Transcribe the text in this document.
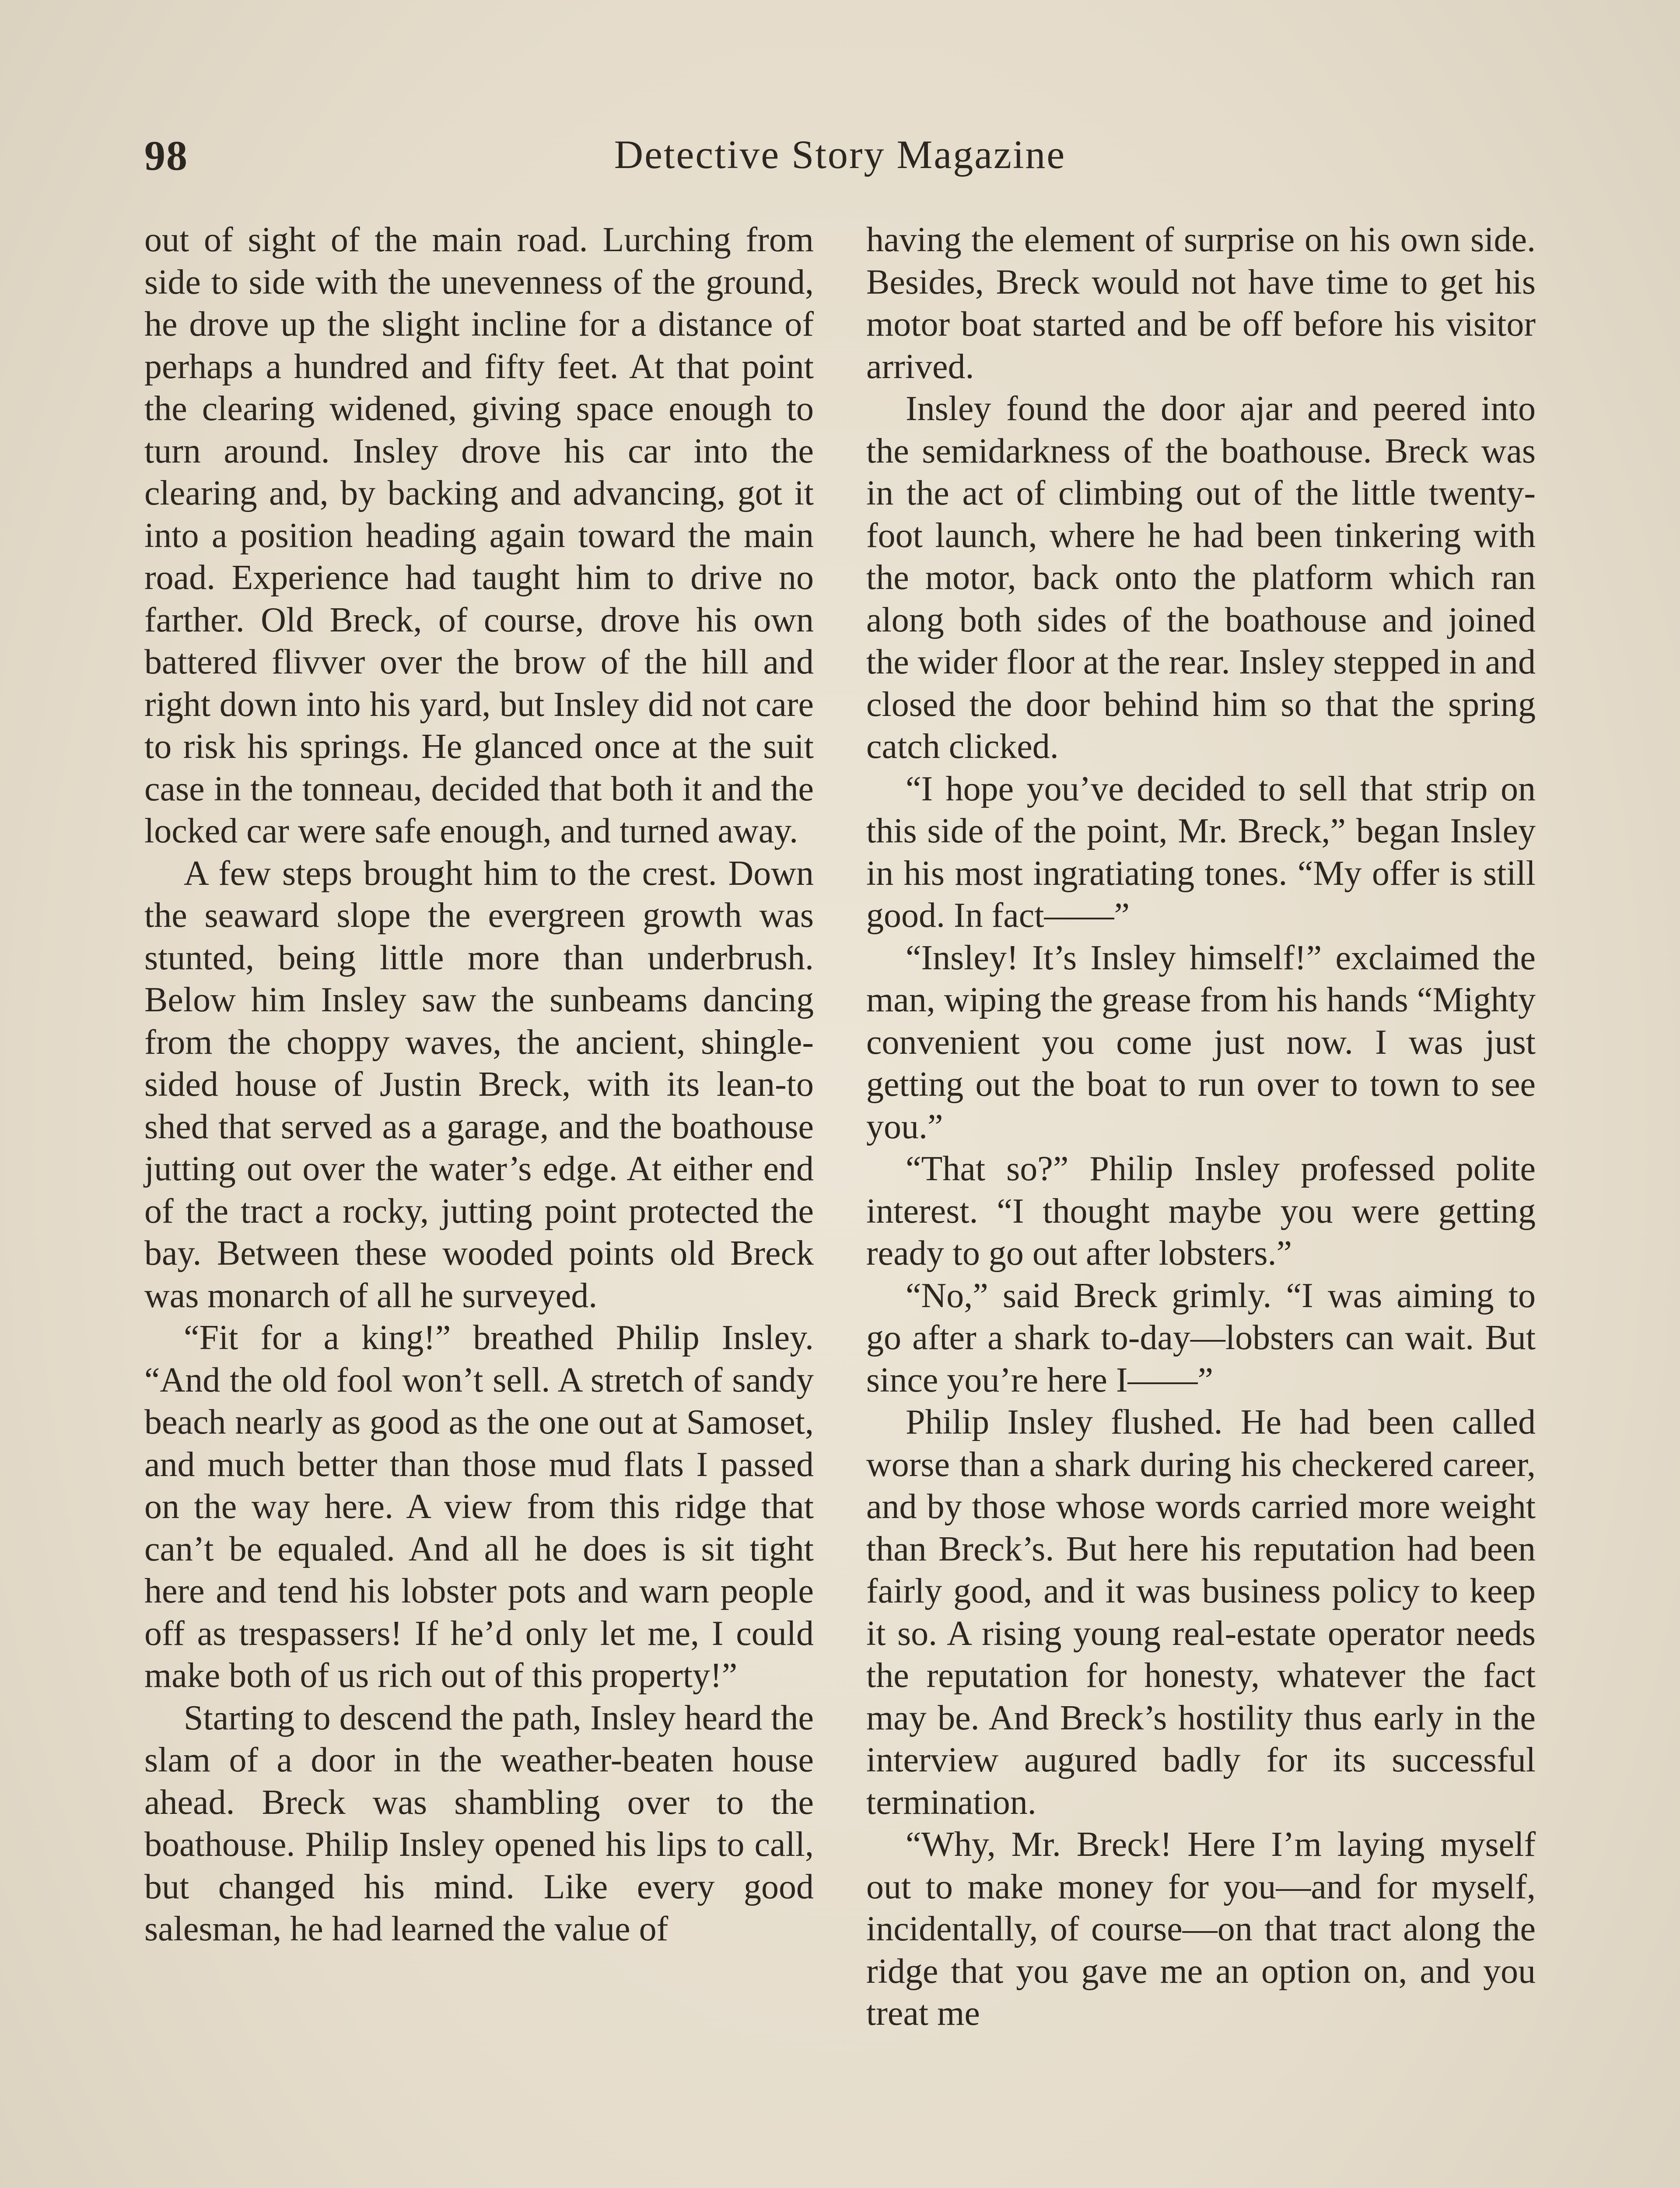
98	Detective Story Magazine

out of sight of the main road. Lurching from side to side with the unevenness of the ground, he drove up the slight incline for a distance of perhaps a hundred and fifty feet. At that point the clearing widened, giving space enough to turn around. Insley drove his car into the clearing and, by backing and advancing, got it into a position heading again toward the main road. Experience had taught him to drive no farther. Old Breck, of course, drove his own battered flivver over the brow of the hill and right down into his yard, but Insley did not care to risk his springs. He glanced once at the suit case in the tonneau, decided that both it and the locked car were safe enough, and turned away.

A few steps brought him to the crest. Down the seaward slope the evergreen growth was stunted, being little more than underbrush. Below him Insley saw the sunbeams dancing from the choppy waves, the ancient, shingle-sided house of Justin Breck, with its lean-to shed that served as a garage, and the boathouse jutting out over the water’s edge. At either end of the tract a rocky, jutting point protected the bay. Between these wooded points old Breck was monarch of all he surveyed.

“Fit for a king!” breathed Philip Insley. “And the old fool won’t sell. A stretch of sandy beach nearly as good as the one out at Samoset, and much better than those mud flats I passed on the way here. A view from this ridge that can’t be equaled. And all he does is sit tight here and tend his lobster pots and warn people off as trespassers! If he’d only let me, I could make both of us rich out of this property!”

Starting to descend the path, Insley heard the slam of a door in the weather-beaten house ahead. Breck was shambling over to the boathouse. Philip Insley opened his lips to call, but changed his mind. Like every good salesman, he had learned the value of

having the element of surprise on his own side. Besides, Breck would not have time to get his motor boat started and be off before his visitor arrived.

Insley found the door ajar and peered into the semidarkness of the boathouse. Breck was in the act of climbing out of the little twenty-foot launch, where he had been tinkering with the motor, back onto the platform which ran along both sides of the boathouse and joined the wider floor at the rear. Insley stepped in and closed the door behind him so that the spring catch clicked.

“I hope you’ve decided to sell that strip on this side of the point, Mr. Breck,” began Insley in his most ingratiating tones. “My offer is still good. In fact——”

“Insley! It’s Insley himself!” exclaimed the man, wiping the grease from his hands “Mighty convenient you come just now. I was just getting out the boat to run over to town to see you.”

“That so?” Philip Insley professed polite interest. “I thought maybe you were getting ready to go out after lobsters.”

“No,” said Breck grimly. “I was aiming to go after a shark to-day—lobsters can wait. But since you’re here I——”

Philip Insley flushed. He had been called worse than a shark during his checkered career, and by those whose words carried more weight than Breck’s. But here his reputation had been fairly good, and it was business policy to keep it so. A rising young real-estate operator needs the reputation for honesty, whatever the fact may be. And Breck’s hostility thus early in the interview augured badly for its successful termination.

“Why, Mr. Breck! Here I’m laying myself out to make money for you—and for myself, incidentally, of course—on that tract along the ridge that you gave me an option on, and you treat me
